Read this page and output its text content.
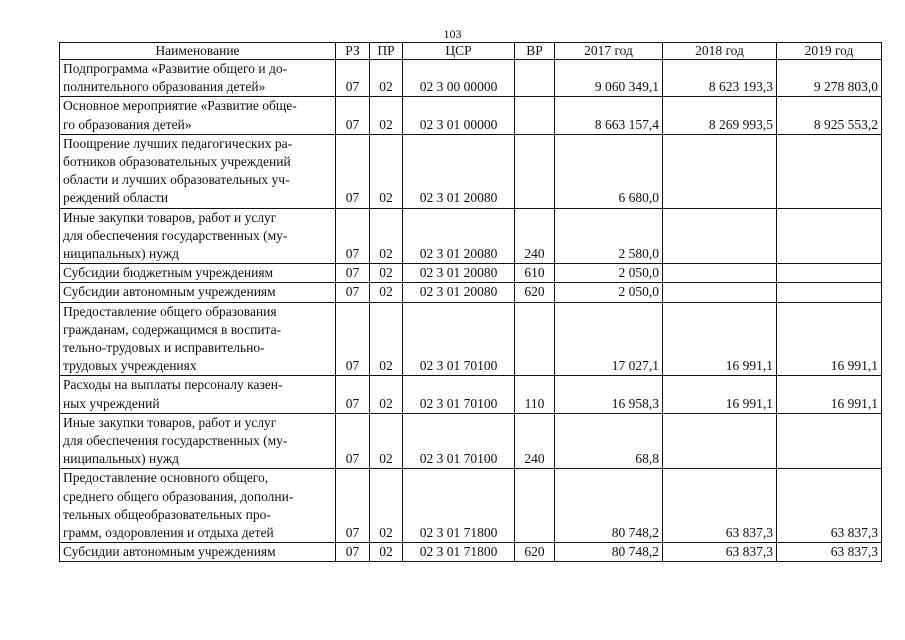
103
Наименование	РЗ	ПР	ЦСР	ВР	2017 год	2018 год	2019 год

Подпрограмма «Развитие общего и до-
полнительного образования детей»	07	02	02 3 00 00000		9 060 349,1	8 623 193,3	9 278 803,0

Основное мероприятие «Развитие обще-
го образования детей»	07	02	02 3 01 00000		8 663 157,4	8 269 993,5	8 925 553,2

Поощрение лучших педагогических ра-
ботников образовательных учреждений
области и лучших образовательных уч-
реждений области	07	02	02 3 01 20080		6 680,0		

Иные закупки товаров, работ и услуг
для обеспечения государственных (му-
ниципальных) нужд	07	02	02 3 01 20080	240	2 580,0		

Субсидии бюджетным учреждениям	07	02	02 3 01 20080	610	2 050,0		

Субсидии автономным учреждениям	07	02	02 3 01 20080	620	2 050,0		

Предоставление общего образования
гражданам, содержащимся в воспита-
тельно-трудовых и исправительно-
трудовых учреждениях	07	02	02 3 01 70100		17 027,1	16 991,1	16 991,1

Расходы на выплаты персоналу казен-
ных учреждений	07	02	02 3 01 70100	110	16 958,3	16 991,1	16 991,1

Иные закупки товаров, работ и услуг
для обеспечения государственных (му-
ниципальных) нужд	07	02	02 3 01 70100	240	68,8		

Предоставление основного общего,
среднего общего образования, дополни-
тельных общеобразовательных про-
грамм, оздоровления и отдыха детей	07	02	02 3 01 71800		80 748,2	63 837,3	63 837,3

Субсидии автономным учреждениям	07	02	02 3 01 71800	620	80 748,2	63 837,3	63 837,3
